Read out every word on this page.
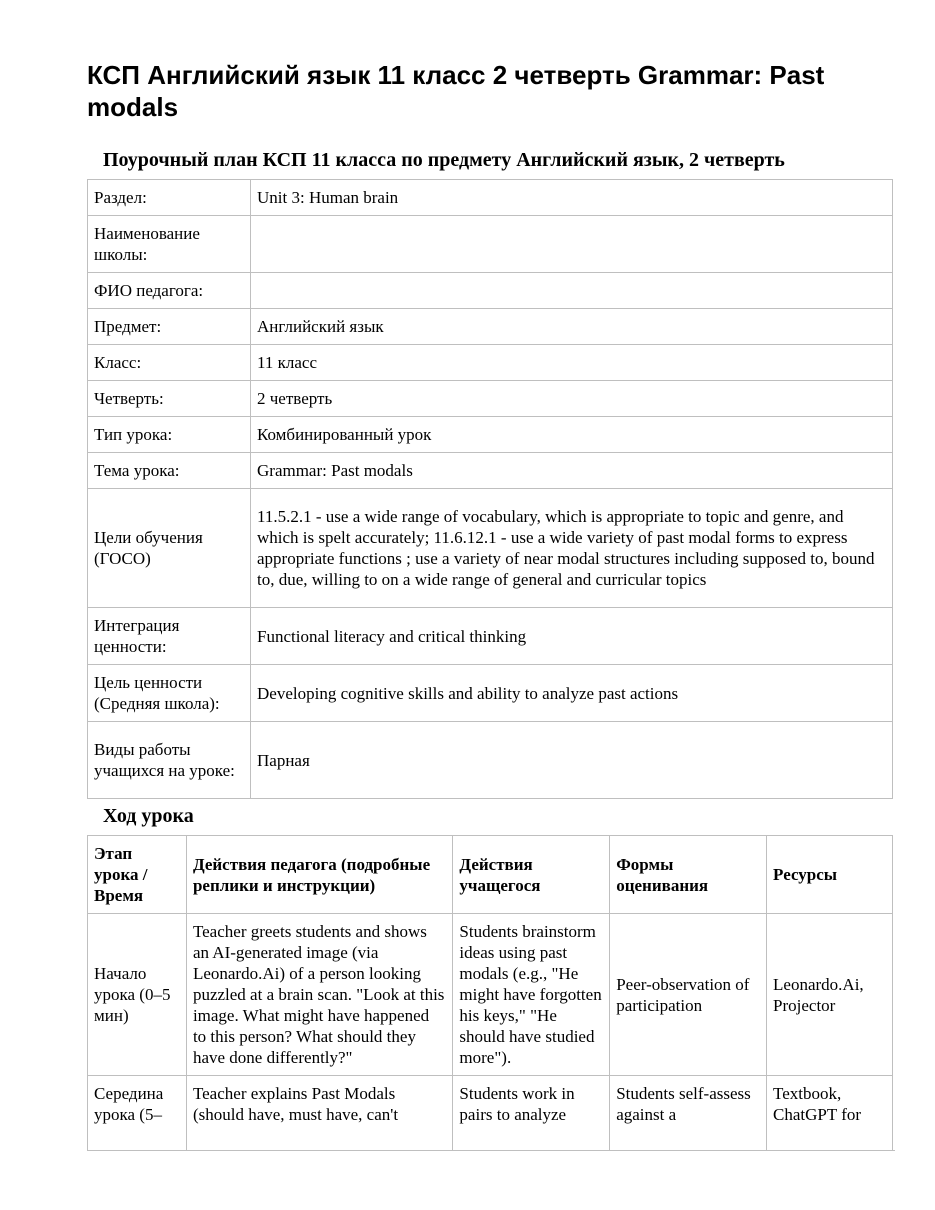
КСП Английский язык 11 класс 2 четверть Grammar: Past modals
Поурочный план КСП 11 класса по предмету Английский язык, 2 четверть
Раздел:	Unit 3: Human brain
Наименование школы:	
ФИО педагога:	
Предмет:	Английский язык
Класс:	11 класс
Четверть:	2 четверть
Тип урока:	Комбинированный урок
Тема урока:	Grammar: Past modals
Цели обучения (ГОСО)	11.5.2.1 - use a wide range of vocabulary, which is appropriate to topic and genre, and which is spelt accurately; 11.6.12.1 - use a wide variety of past modal forms to express appropriate functions ; use a variety of near modal structures including supposed to, bound to, due, willing to on a wide range of general and curricular topics
Интеграция ценности:	Functional literacy and critical thinking
Цель ценности (Средняя школа):	Developing cognitive skills and ability to analyze past actions
Виды работы учащихся на уроке:	Парная
Ход урока
Этап урока / Время	Действия педагога (подробные реплики и инструкции)	Действия учащегося	Формы оценивания	Ресурсы
Начало урока (0–5 мин)	Teacher greets students and shows an AI-generated image (via Leonardo.Ai) of a person looking puzzled at a brain scan. "Look at this image. What might have happened to this person? What should they have done differently?"	Students brainstorm ideas using past modals (e.g., "He might have forgotten his keys," "He should have studied more").	Peer-observation of participation	Leonardo.Ai, Projector
Середина урока (5–	Teacher explains Past Modals (should have, must have, can't	Students work in pairs to analyze	Students self-assess against a	Textbook, ChatGPT for
